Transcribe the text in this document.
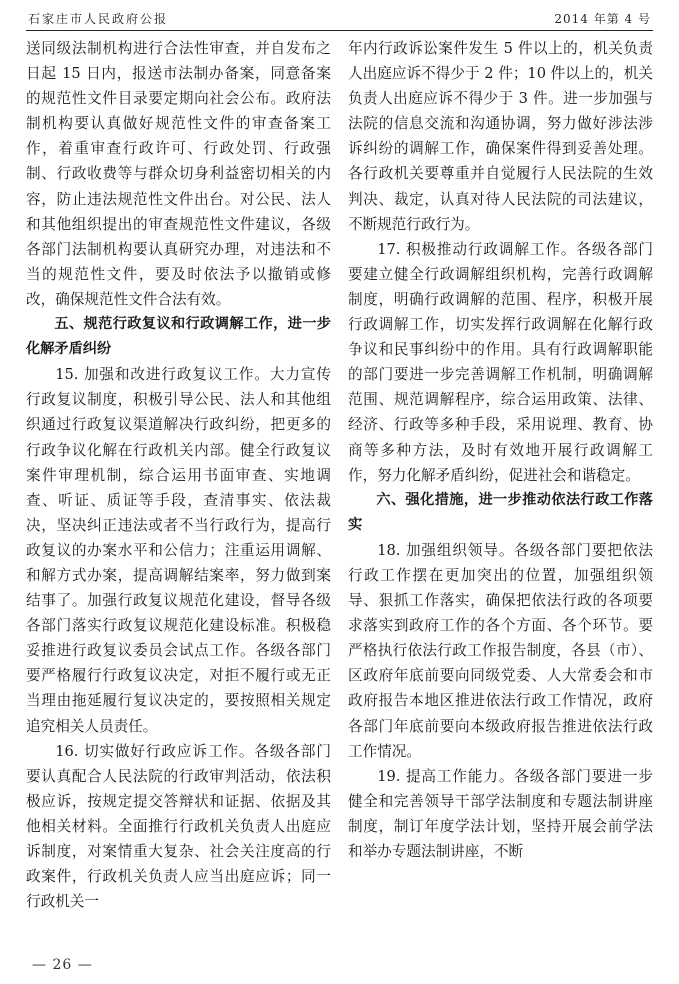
石家庄市人民政府公报	2014 年第 4 号

送同级法制机构进行合法性审查，并自发布之日起 15 日内，报送市法制办备案，同意备案的规范性文件目录要定期向社会公布。政府法制机构要认真做好规范性文件的审查备案工作，着重审查行政许可、行政处罚、行政强制、行政收费等与群众切身利益密切相关的内容，防止违法规范性文件出台。对公民、法人和其他组织提出的审查规范性文件建议，各级各部门法制机构要认真研究办理，对违法和不当的规范性文件，要及时依法予以撤销或修改，确保规范性文件合法有效。

五、规范行政复议和行政调解工作，进一步化解矛盾纠纷

15. 加强和改进行政复议工作。大力宣传行政复议制度，积极引导公民、法人和其他组织通过行政复议渠道解决行政纠纷，把更多的行政争议化解在行政机关内部。健全行政复议案件审理机制，综合运用书面审查、实地调查、听证、质证等手段，查清事实、依法裁决，坚决纠正违法或者不当行政行为，提高行政复议的办案水平和公信力；注重运用调解、和解方式办案，提高调解结案率，努力做到案结事了。加强行政复议规范化建设，督导各级各部门落实行政复议规范化建设标准。积极稳妥推进行政复议委员会试点工作。各级各部门要严格履行行政复议决定，对拒不履行或无正当理由拖延履行复议决定的，要按照相关规定追究相关人员责任。

16. 切实做好行政应诉工作。各级各部门要认真配合人民法院的行政审判活动，依法积极应诉，按规定提交答辩状和证据、依据及其他相关材料。全面推行行政机关负责人出庭应诉制度，对案情重大复杂、社会关注度高的行政案件，行政机关负责人应当出庭应诉；同一行政机关一

年内行政诉讼案件发生 5 件以上的，机关负责人出庭应诉不得少于 2 件；10 件以上的，机关负责人出庭应诉不得少于 3 件。进一步加强与法院的信息交流和沟通协调，努力做好涉法涉诉纠纷的调解工作，确保案件得到妥善处理。各行政机关要尊重并自觉履行人民法院的生效判决、裁定，认真对待人民法院的司法建议，不断规范行政行为。

17. 积极推动行政调解工作。各级各部门要建立健全行政调解组织机构，完善行政调解制度，明确行政调解的范围、程序，积极开展行政调解工作，切实发挥行政调解在化解行政争议和民事纠纷中的作用。具有行政调解职能的部门要进一步完善调解工作机制，明确调解范围、规范调解程序，综合运用政策、法律、经济、行政等多种手段，采用说理、教育、协商等多种方法，及时有效地开展行政调解工作，努力化解矛盾纠纷，促进社会和谐稳定。

六、强化措施，进一步推动依法行政工作落实

18. 加强组织领导。各级各部门要把依法行政工作摆在更加突出的位置，加强组织领导、狠抓工作落实，确保把依法行政的各项要求落实到政府工作的各个方面、各个环节。要严格执行依法行政工作报告制度，各县（市）、区政府年底前要向同级党委、人大常委会和市政府报告本地区推进依法行政工作情况，政府各部门年底前要向本级政府报告推进依法行政工作情况。

19. 提高工作能力。各级各部门要进一步健全和完善领导干部学法制度和专题法制讲座制度，制订年度学法计划，坚持开展会前学法和举办专题法制讲座，不断

— 26 —
